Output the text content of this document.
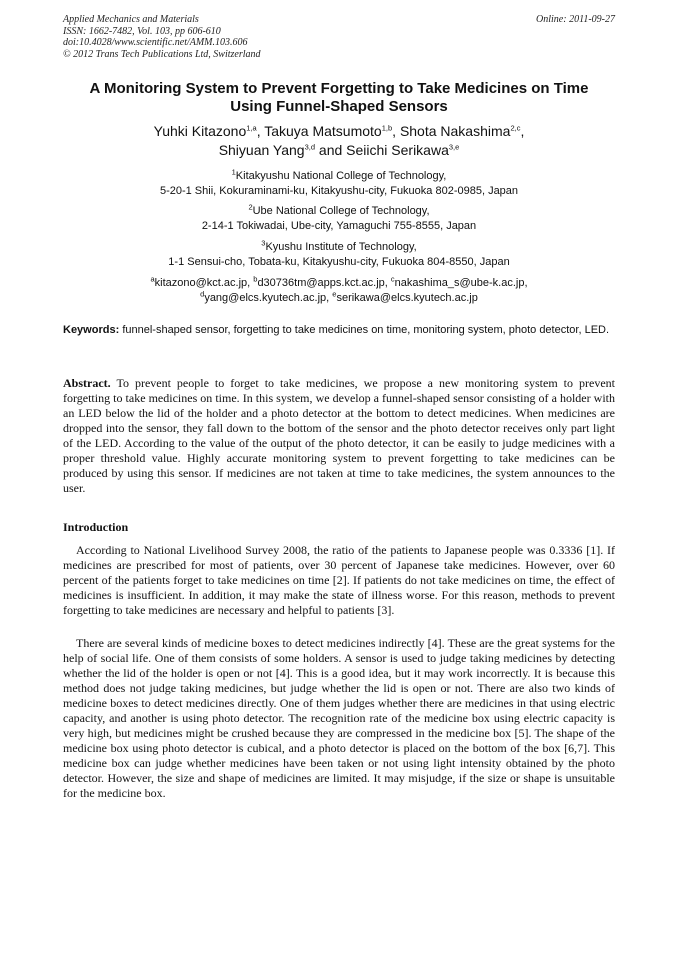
Applied Mechanics and Materials
ISSN: 1662-7482, Vol. 103, pp 606-610
doi:10.4028/www.scientific.net/AMM.103.606
© 2012 Trans Tech Publications Ltd, Switzerland
Online: 2011-09-27
A Monitoring System to Prevent Forgetting to Take Medicines on Time
Using Funnel-Shaped Sensors
Yuhki Kitazono$^{1,a}$, Takuya Matsumoto$^{1,b}$, Shota Nakashima$^{2,c}$,
Shiyuan Yang$^{3,d}$ and Seiichi Serikawa$^{3,e}$
$^1$Kitakyushu National College of Technology,
5-20-1 Shii, Kokuraminami-ku, Kitakyushu-city, Fukuoka 802-0985, Japan
$^2$Ube National College of Technology,
2-14-1 Tokiwadai, Ube-city, Yamaguchi 755-8555, Japan
$^3$Kyushu Institute of Technology,
1-1 Sensui-cho, Tobata-ku, Kitakyushu-city, Fukuoka 804-8550, Japan
$^a$kitazono@kct.ac.jp, $^b$d30736tm@apps.kct.ac.jp, $^c$nakashima_s@ube-k.ac.jp,
$^d$yang@elcs.kyutech.ac.jp, $^e$serikawa@elcs.kyutech.ac.jp
Keywords: funnel-shaped sensor, forgetting to take medicines on time, monitoring system, photo detector, LED.
Abstract. To prevent people to forget to take medicines, we propose a new monitoring system to prevent forgetting to take medicines on time. In this system, we develop a funnel-shaped sensor consisting of a holder with an LED below the lid of the holder and a photo detector at the bottom to detect medicines. When medicines are dropped into the sensor, they fall down to the bottom of the sensor and the photo detector receives only part light of the LED. According to the value of the output of the photo detector, it can be easily to judge medicines with a proper threshold value. Highly accurate monitoring system to prevent forgetting to take medicines can be produced by using this sensor. If medicines are not taken at time to take medicines, the system announces to the user.
Introduction

According to National Livelihood Survey 2008, the ratio of the patients to Japanese people was 0.3336 [1]. If medicines are prescribed for most of patients, over 30 percent of Japanese take medicines. However, over 60 percent of the patients forget to take medicines on time [2]. If patients do not take medicines on time, the effect of medicines is insufficient. In addition, it may make the state of illness worse. For this reason, methods to prevent forgetting to take medicines are necessary and helpful to patients [3].

There are several kinds of medicine boxes to detect medicines indirectly [4]. These are the great systems for the help of social life. One of them consists of some holders. A sensor is used to judge taking medicines by detecting whether the lid of the holder is open or not [4]. This is a good idea, but it may work incorrectly. It is because this method does not judge taking medicines, but judge whether the lid is open or not. There are also two kinds of medicine boxes to detect medicines directly. One of them judges whether there are medicines in that using electric capacity, and another is using photo detector. The recognition rate of the medicine box using electric capacity is very high, but medicines might be crushed because they are compressed in the medicine box [5]. The shape of the medicine box using photo detector is cubical, and a photo detector is placed on the bottom of the box [6,7]. This medicine box can judge whether medicines have been taken or not using light intensity obtained by the photo detector. However, the size and shape of medicines are limited. It may misjudge, if the size or shape is unsuitable for the medicine box.
